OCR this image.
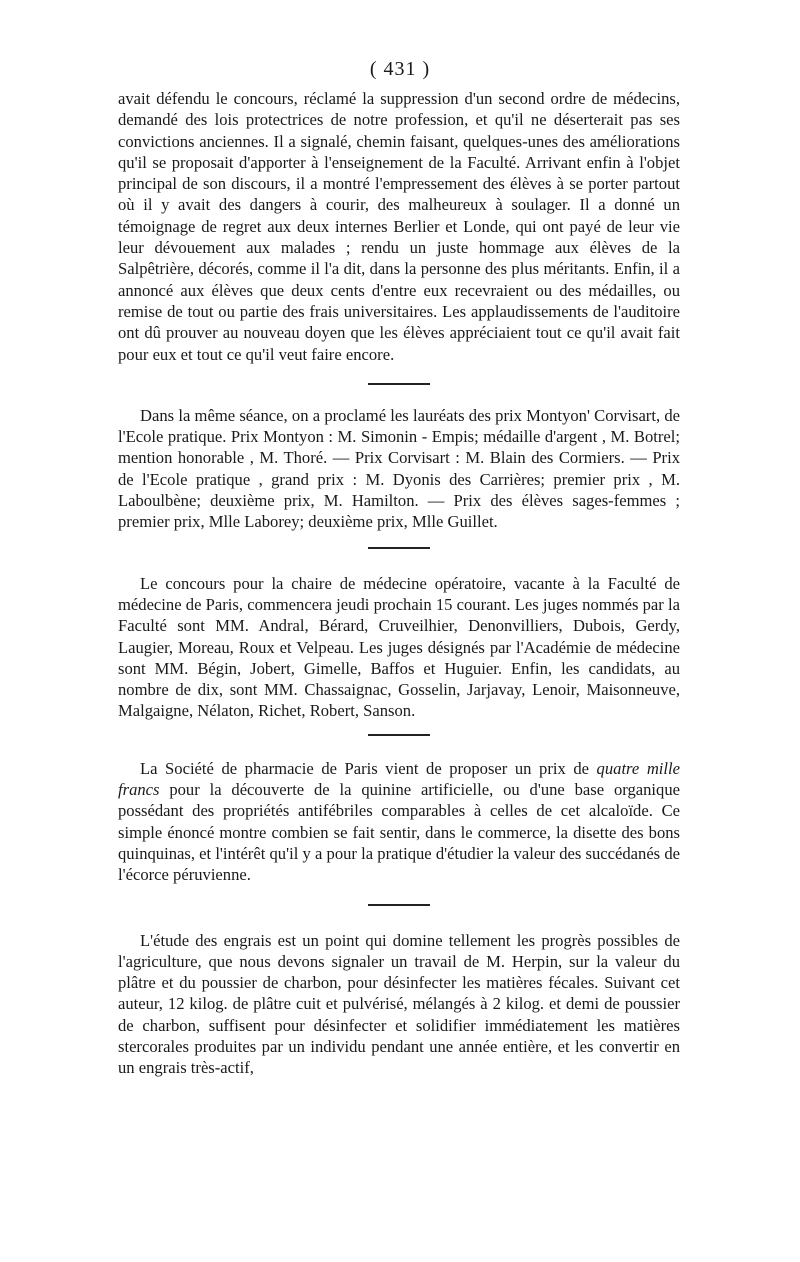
( 431 )

avait défendu le concours, réclamé la suppression d'un second ordre de médecins, demandé des lois protectrices de notre profession, et qu'il ne déserterait pas ses convictions anciennes. Il a signalé, chemin faisant, quelques-unes des améliorations qu'il se proposait d'apporter à l'enseignement de la Faculté. Arrivant enfin à l'objet principal de son discours, il a montré l'empressement des élèves à se porter partout où il y avait des dangers à courir, des malheureux à soulager. Il a donné un témoignage de regret aux deux internes Berlier et Londe, qui ont payé de leur vie leur dévouement aux malades ; rendu un juste hommage aux élèves de la Salpêtrière, décorés, comme il l'a dit, dans la personne des plus méritants. Enfin, il a annoncé aux élèves que deux cents d'entre eux recevraient ou des médailles, ou remise de tout ou partie des frais universitaires. Les applaudissements de l'auditoire ont dû prouver au nouveau doyen que les élèves appréciaient tout ce qu'il avait fait pour eux et tout ce qu'il veut faire encore.

Dans la même séance, on a proclamé les lauréats des prix Montyon' Corvisart, de l'Ecole pratique. Prix Montyon : M. Simonin - Empis; médaille d'argent , M. Botrel; mention honorable , M. Thoré. — Prix Corvisart : M. Blain des Cormiers. — Prix de l'Ecole pratique , grand prix : M. Dyonis des Carrières; premier prix , M. Laboulbène; deuxième prix, M. Hamilton. — Prix des élèves sages-femmes ; premier prix, Mlle Laborey; deuxième prix, Mlle Guillet.

Le concours pour la chaire de médecine opératoire, vacante à la Faculté de médecine de Paris, commencera jeudi prochain 15 courant. Les juges nommés par la Faculté sont MM. Andral, Bérard, Cruveilhier, Denonvilliers, Dubois, Gerdy, Laugier, Moreau, Roux et Velpeau. Les juges désignés par l'Académie de médecine sont MM. Bégin, Jobert, Gimelle, Baffos et Huguier. Enfin, les candidats, au nombre de dix, sont MM. Chassaignac, Gosselin, Jarjavay, Lenoir, Maisonneuve, Malgaigne, Nélaton, Richet, Robert, Sanson.

La Société de pharmacie de Paris vient de proposer un prix de quatre mille francs pour la découverte de la quinine artificielle, ou d'une base organique possédant des propriétés antifébriles comparables à celles de cet alcaloïde. Ce simple énoncé montre combien se fait sentir, dans le commerce, la disette des bons quinquinas, et l'intérêt qu'il y a pour la pratique d'étudier la valeur des succédanés de l'écorce péruvienne.

L'étude des engrais est un point qui domine tellement les progrès possibles de l'agriculture, que nous devons signaler un travail de M. Herpin, sur la valeur du plâtre et du poussier de charbon, pour désinfecter les matières fécales. Suivant cet auteur, 12 kilog. de plâtre cuit et pulvérisé, mélangés à 2 kilog. et demi de poussier de charbon, suffisent pour désinfecter et solidifier immédiatement les matières stercorales produites par un individu pendant une année entière, et les convertir en un engrais très-actif,
